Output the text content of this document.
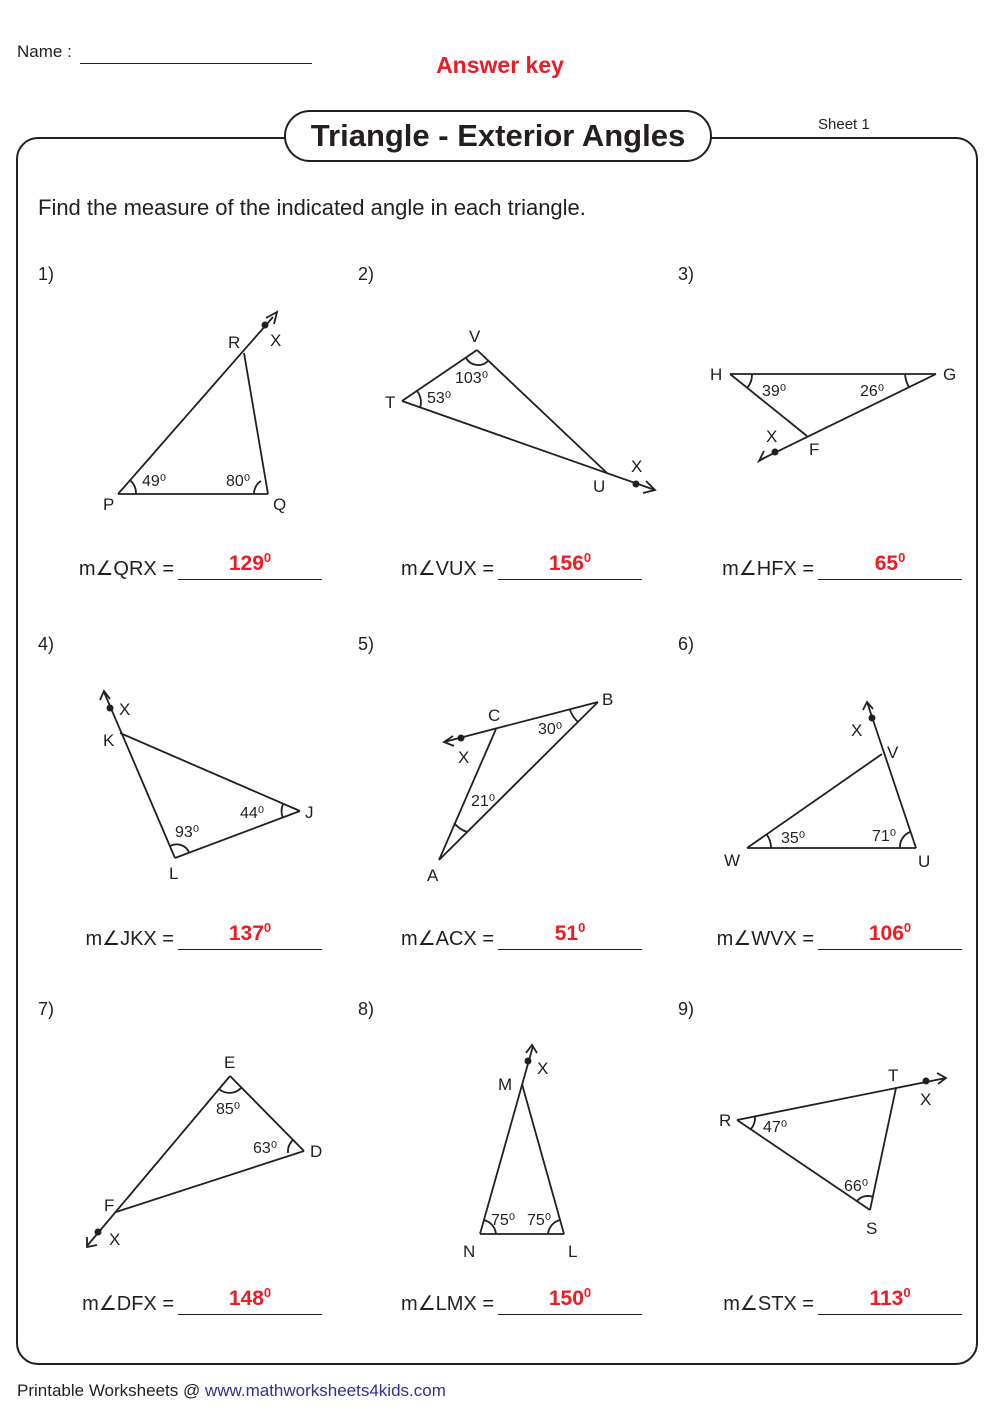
Name :
Answer key
Sheet 1
Triangle - Exterior Angles
Find the measure of the indicated angle in each triangle.
1)
R X
P	Q
49⁰	80⁰
m∠QRX =	$129^0$
2)
V
T
U
X
53⁰
103⁰
m∠VUX =	$156^0$
3)
H	G
X
F
39⁰	26⁰
m∠HFX =	$65^0$
4)
X
K
J
L
93⁰
44⁰
m∠JKX =	$137^0$
5)
B
C
X
A
30⁰
21⁰
m∠ACX =	$51^0$
6)
X
V
W	U
35⁰	71⁰
m∠WVX =	$106^0$
7)
E
D
F
X
85⁰
63⁰
m∠DFX =	$148^0$
8)
X
M
N	L
75⁰ 75⁰
m∠LMX =	$150^0$
9)
T
X
R
S
47⁰
66⁰
m∠STX =	$113^0$
Printable Worksheets @ www.mathworksheets4kids.com
